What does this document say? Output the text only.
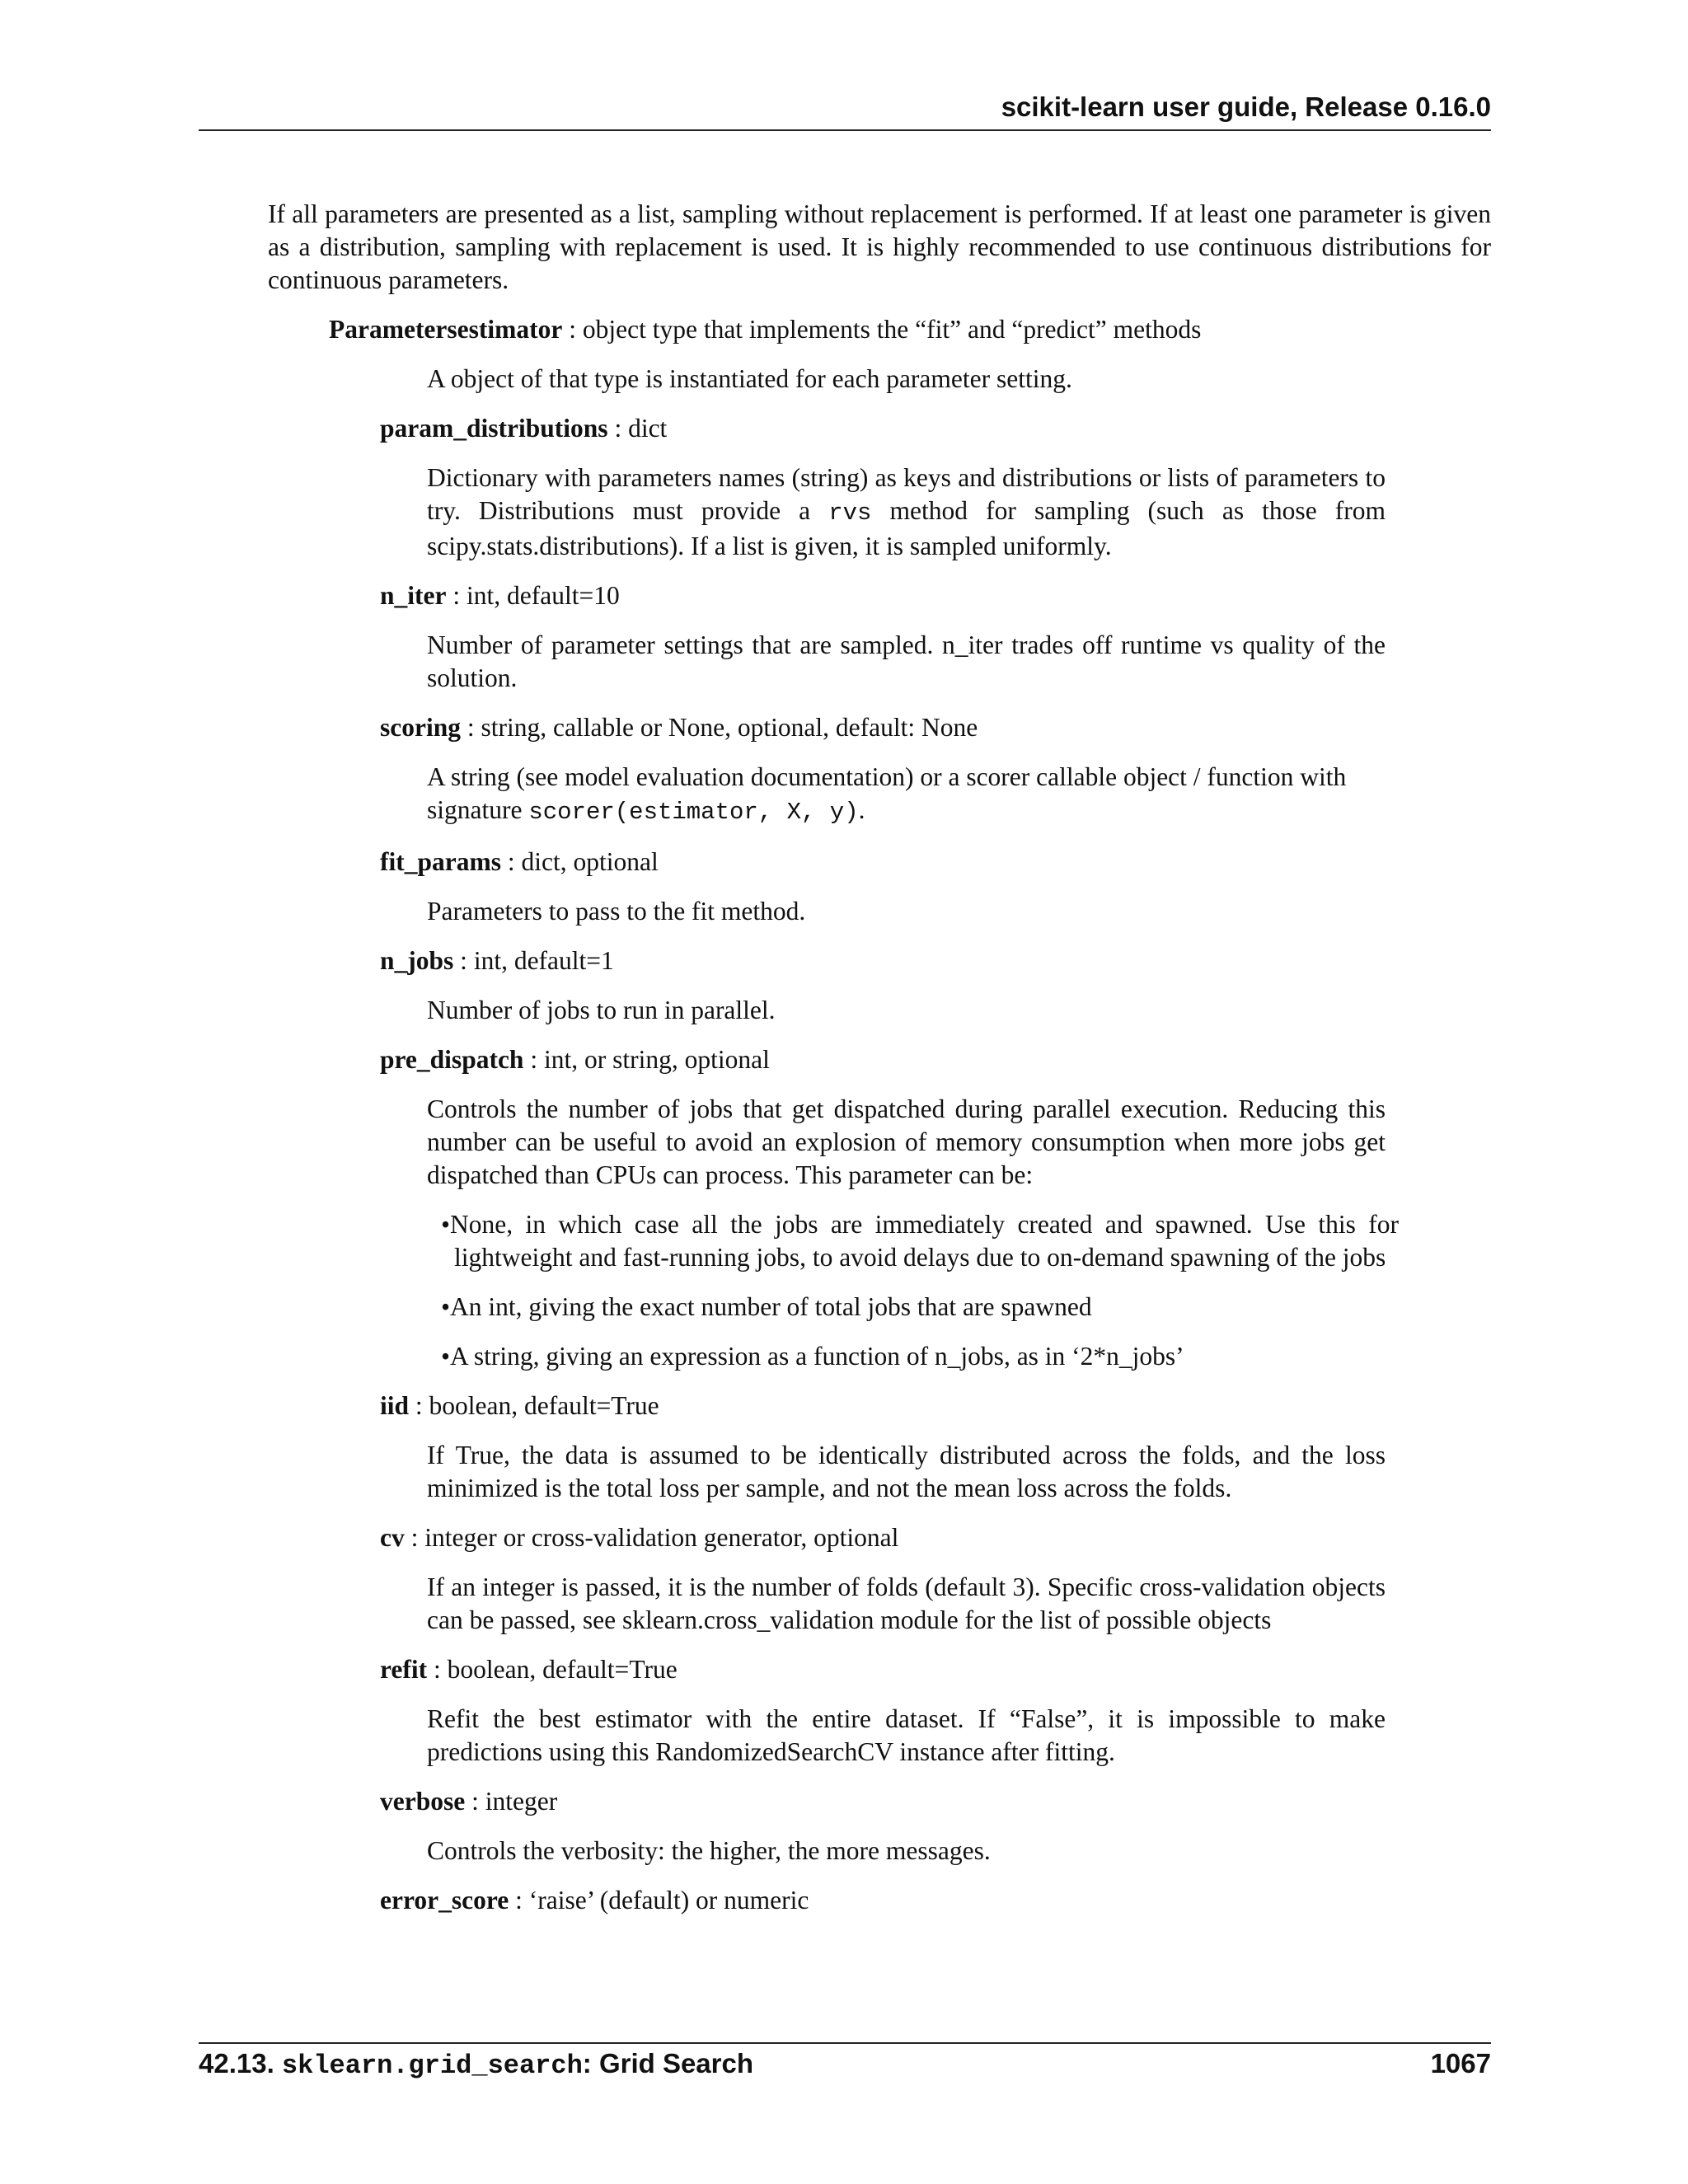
scikit-learn user guide, Release 0.16.0

If all parameters are presented as a list, sampling without replacement is performed. If at least one parameter is given as a distribution, sampling with replacement is used. It is highly recommended to use continuous distributions for continuous parameters.

Parametersestimator : object type that implements the “fit” and “predict” methods

A object of that type is instantiated for each parameter setting.

param_distributions : dict

Dictionary with parameters names (string) as keys and distributions or lists of parameters to try. Distributions must provide a rvs method for sampling (such as those from scipy.stats.distributions). If a list is given, it is sampled uniformly.

n_iter : int, default=10

Number of parameter settings that are sampled. n_iter trades off runtime vs quality of the solution.

scoring : string, callable or None, optional, default: None

A string (see model evaluation documentation) or a scorer callable object / function with signature scorer(estimator, X, y).

fit_params : dict, optional

Parameters to pass to the fit method.

n_jobs : int, default=1

Number of jobs to run in parallel.

pre_dispatch : int, or string, optional

Controls the number of jobs that get dispatched during parallel execution. Reducing this number can be useful to avoid an explosion of memory consumption when more jobs get dispatched than CPUs can process. This parameter can be:

•None, in which case all the jobs are immediately created and spawned. Use this for lightweight and fast-running jobs, to avoid delays due to on-demand spawning of the jobs

•An int, giving the exact number of total jobs that are spawned

•A string, giving an expression as a function of n_jobs, as in ‘2*n_jobs’

iid : boolean, default=True

If True, the data is assumed to be identically distributed across the folds, and the loss minimized is the total loss per sample, and not the mean loss across the folds.

cv : integer or cross-validation generator, optional

If an integer is passed, it is the number of folds (default 3). Specific cross-validation objects can be passed, see sklearn.cross_validation module for the list of possible objects

refit : boolean, default=True

Refit the best estimator with the entire dataset. If “False”, it is impossible to make predictions using this RandomizedSearchCV instance after fitting.

verbose : integer

Controls the verbosity: the higher, the more messages.

error_score : ‘raise’ (default) or numeric

42.13. sklearn.grid_search: Grid Search	1067
